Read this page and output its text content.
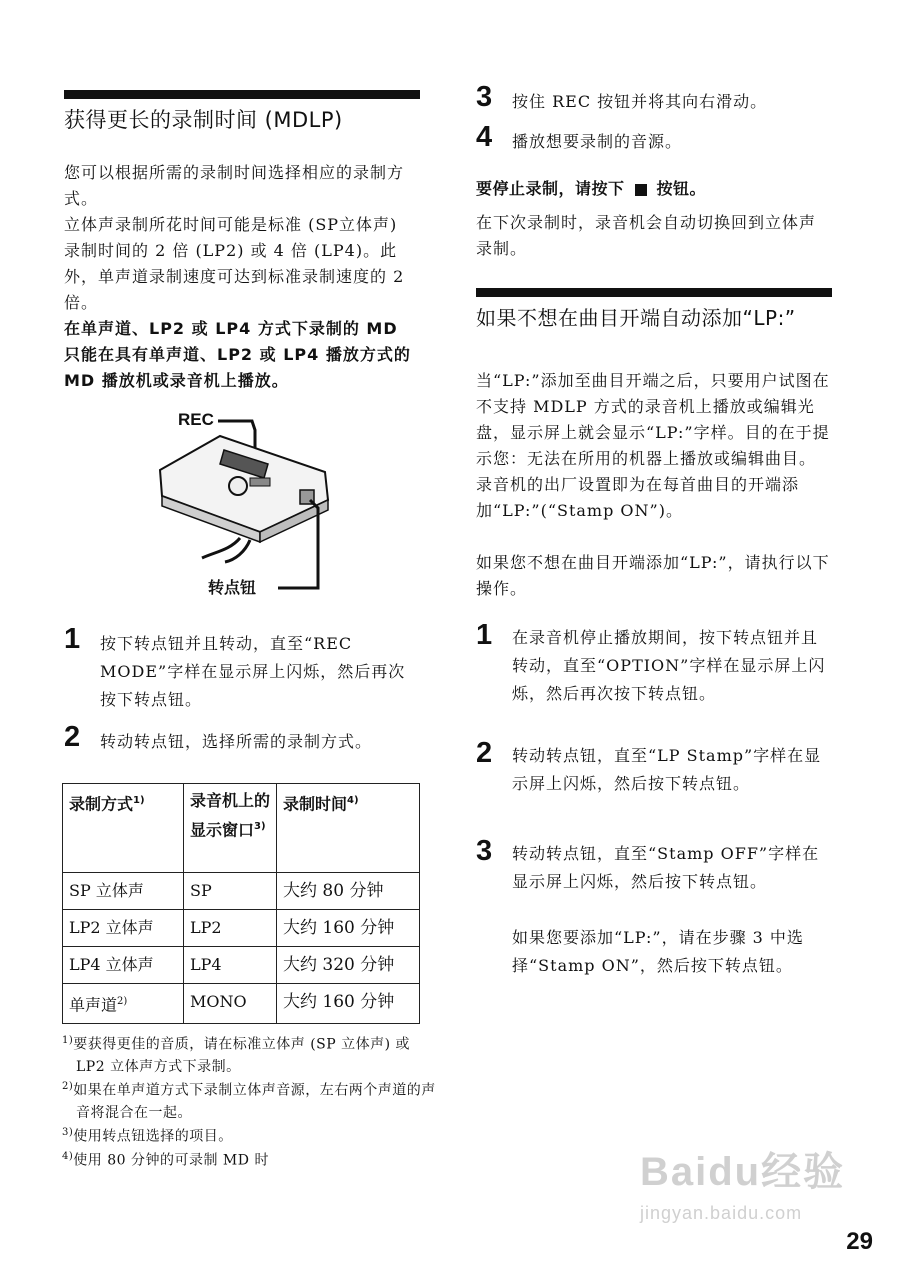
获得更长的录制时间 (MDLP)

您可以根据所需的录制时间选择相应的录制方式。

立体声录制所花时间可能是标准 (SP立体声) 录制时间的 2 倍 (LP2) 或 4 倍 (LP4)。此外，单声道录制速度可达到标准录制速度的 2 倍。

在单声道、LP2 或 LP4 方式下录制的 MD 只能在具有单声道、LP2 或 LP4 播放方式的 MD 播放机或录音机上播放。

REC
转点钮
1 按下转点钮并且转动，直至“REC MODE”字样在显示屏上闪烁，然后再次按下转点钮。
2 转动转点钮，选择所需的录制方式。
录制方式$^{1)}$	录音机上的显示窗口$^{3)}$	录制时间$^{4)}$
SP 立体声	SP	大约 80 分钟
LP2 立体声	LP2	大约 160 分钟
LP4 立体声	LP4	大约 320 分钟
单声道$^{2)}$	MONO	大约 160 分钟
$^{1)}$要获得更佳的音质，请在标准立体声 (SP 立体声) 或 LP2 立体声方式下录制。
$^{2)}$如果在单声道方式下录制立体声音源，左右两个声道的声音将混合在一起。
$^{3)}$使用转点钮选择的项目。
$^{4)}$使用 80 分钟的可录制 MD 时
3 按住 REC 按钮并将其向右滑动。
4 播放想要录制的音源。
要停止录制，请按下 按钮。

在下次录制时，录音机会自动切换回到立体声录制。

如果不想在曲目开端自动添加“LP:”

当“LP:”添加至曲目开端之后，只要用户试图在不支持 MDLP 方式的录音机上播放或编辑光盘，显示屏上就会显示“LP:”字样。目的在于提示您：无法在所用的机器上播放或编辑曲目。录音机的出厂设置即为在每首曲目的开端添加“LP:”(“Stamp ON”)。

如果您不想在曲目开端添加“LP:”，请执行以下操作。

1 在录音机停止播放期间，按下转点钮并且转动，直至“OPTION”字样在显示屏上闪烁，然后再次按下转点钮。
2 转动转点钮，直至“LP Stamp”字样在显示屏上闪烁，然后按下转点钮。
3 转动转点钮，直至“Stamp OFF”字样在显示屏上闪烁，然后按下转点钮。
如果您要添加“LP:”，请在步骤 3 中选择“Stamp ON”，然后按下转点钮。
Baidu经验
jingyan.baidu.com
29
